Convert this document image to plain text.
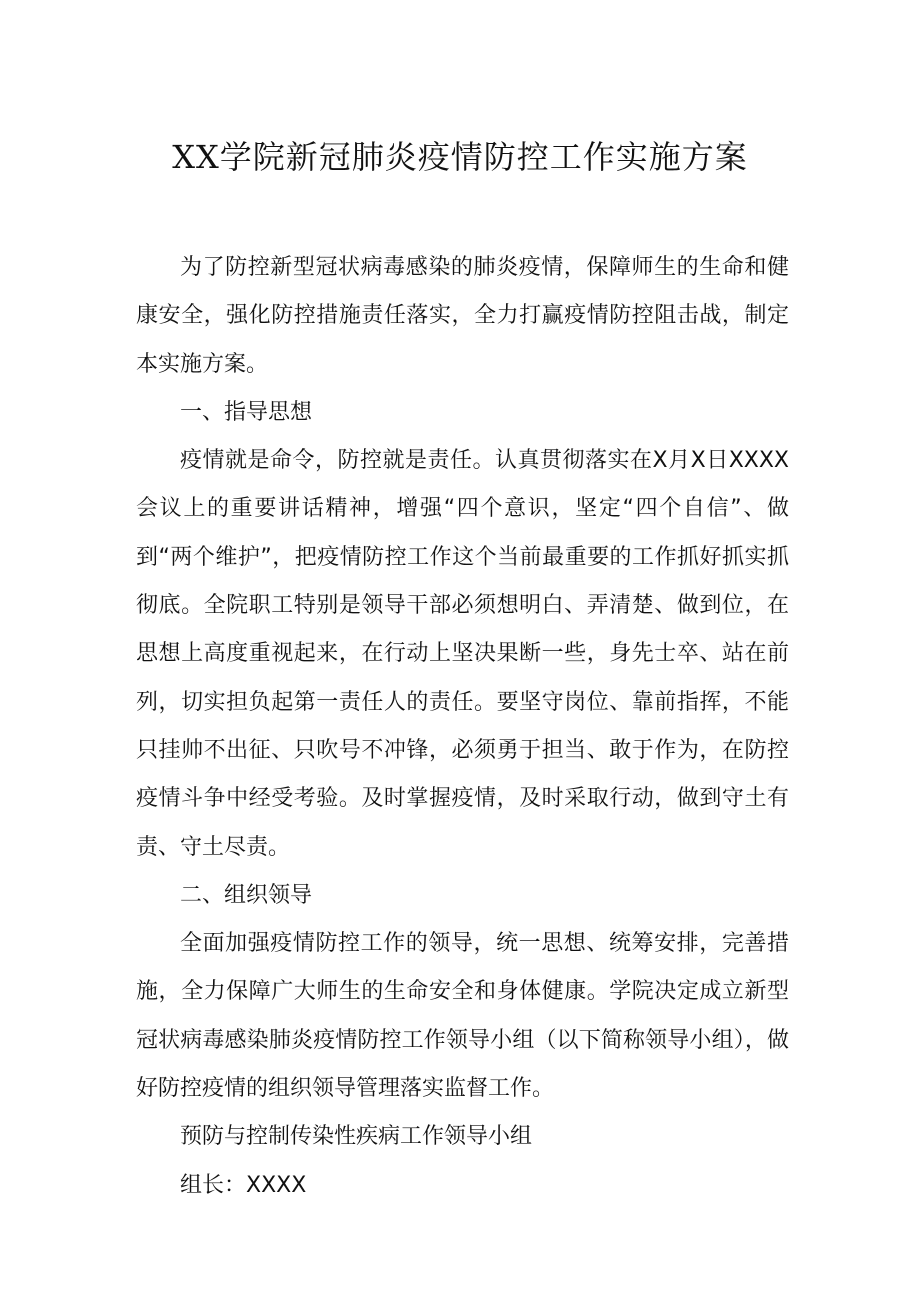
XX学院新冠肺炎疫情防控工作实施方案

为了防控新型冠状病毒感染的肺炎疫情，保障师生的生命和健康安全，强化防控措施责任落实，全力打赢疫情防控阻击战，制定本实施方案。

一、指导思想

疫情就是命令，防控就是责任。认真贯彻落实在X月X日XXXX会议上的重要讲话精神，增强“四个意识，坚定“四个自信”、做到“两个维护”，把疫情防控工作这个当前最重要的工作抓好抓实抓彻底。全院职工特别是领导干部必须想明白、弄清楚、做到位，在思想上高度重视起来，在行动上坚决果断一些，身先士卒、站在前列，切实担负起第一责任人的责任。要坚守岗位、靠前指挥，不能只挂帅不出征、只吹号不冲锋，必须勇于担当、敢于作为，在防控疫情斗争中经受考验。及时掌握疫情，及时采取行动，做到守土有责、守土尽责。

二、组织领导

全面加强疫情防控工作的领导，统一思想、统筹安排，完善措施，全力保障广大师生的生命安全和身体健康。学院决定成立新型冠状病毒感染肺炎疫情防控工作领导小组（以下简称领导小组），做好防控疫情的组织领导管理落实监督工作。

预防与控制传染性疾病工作领导小组

组长：XXXX
